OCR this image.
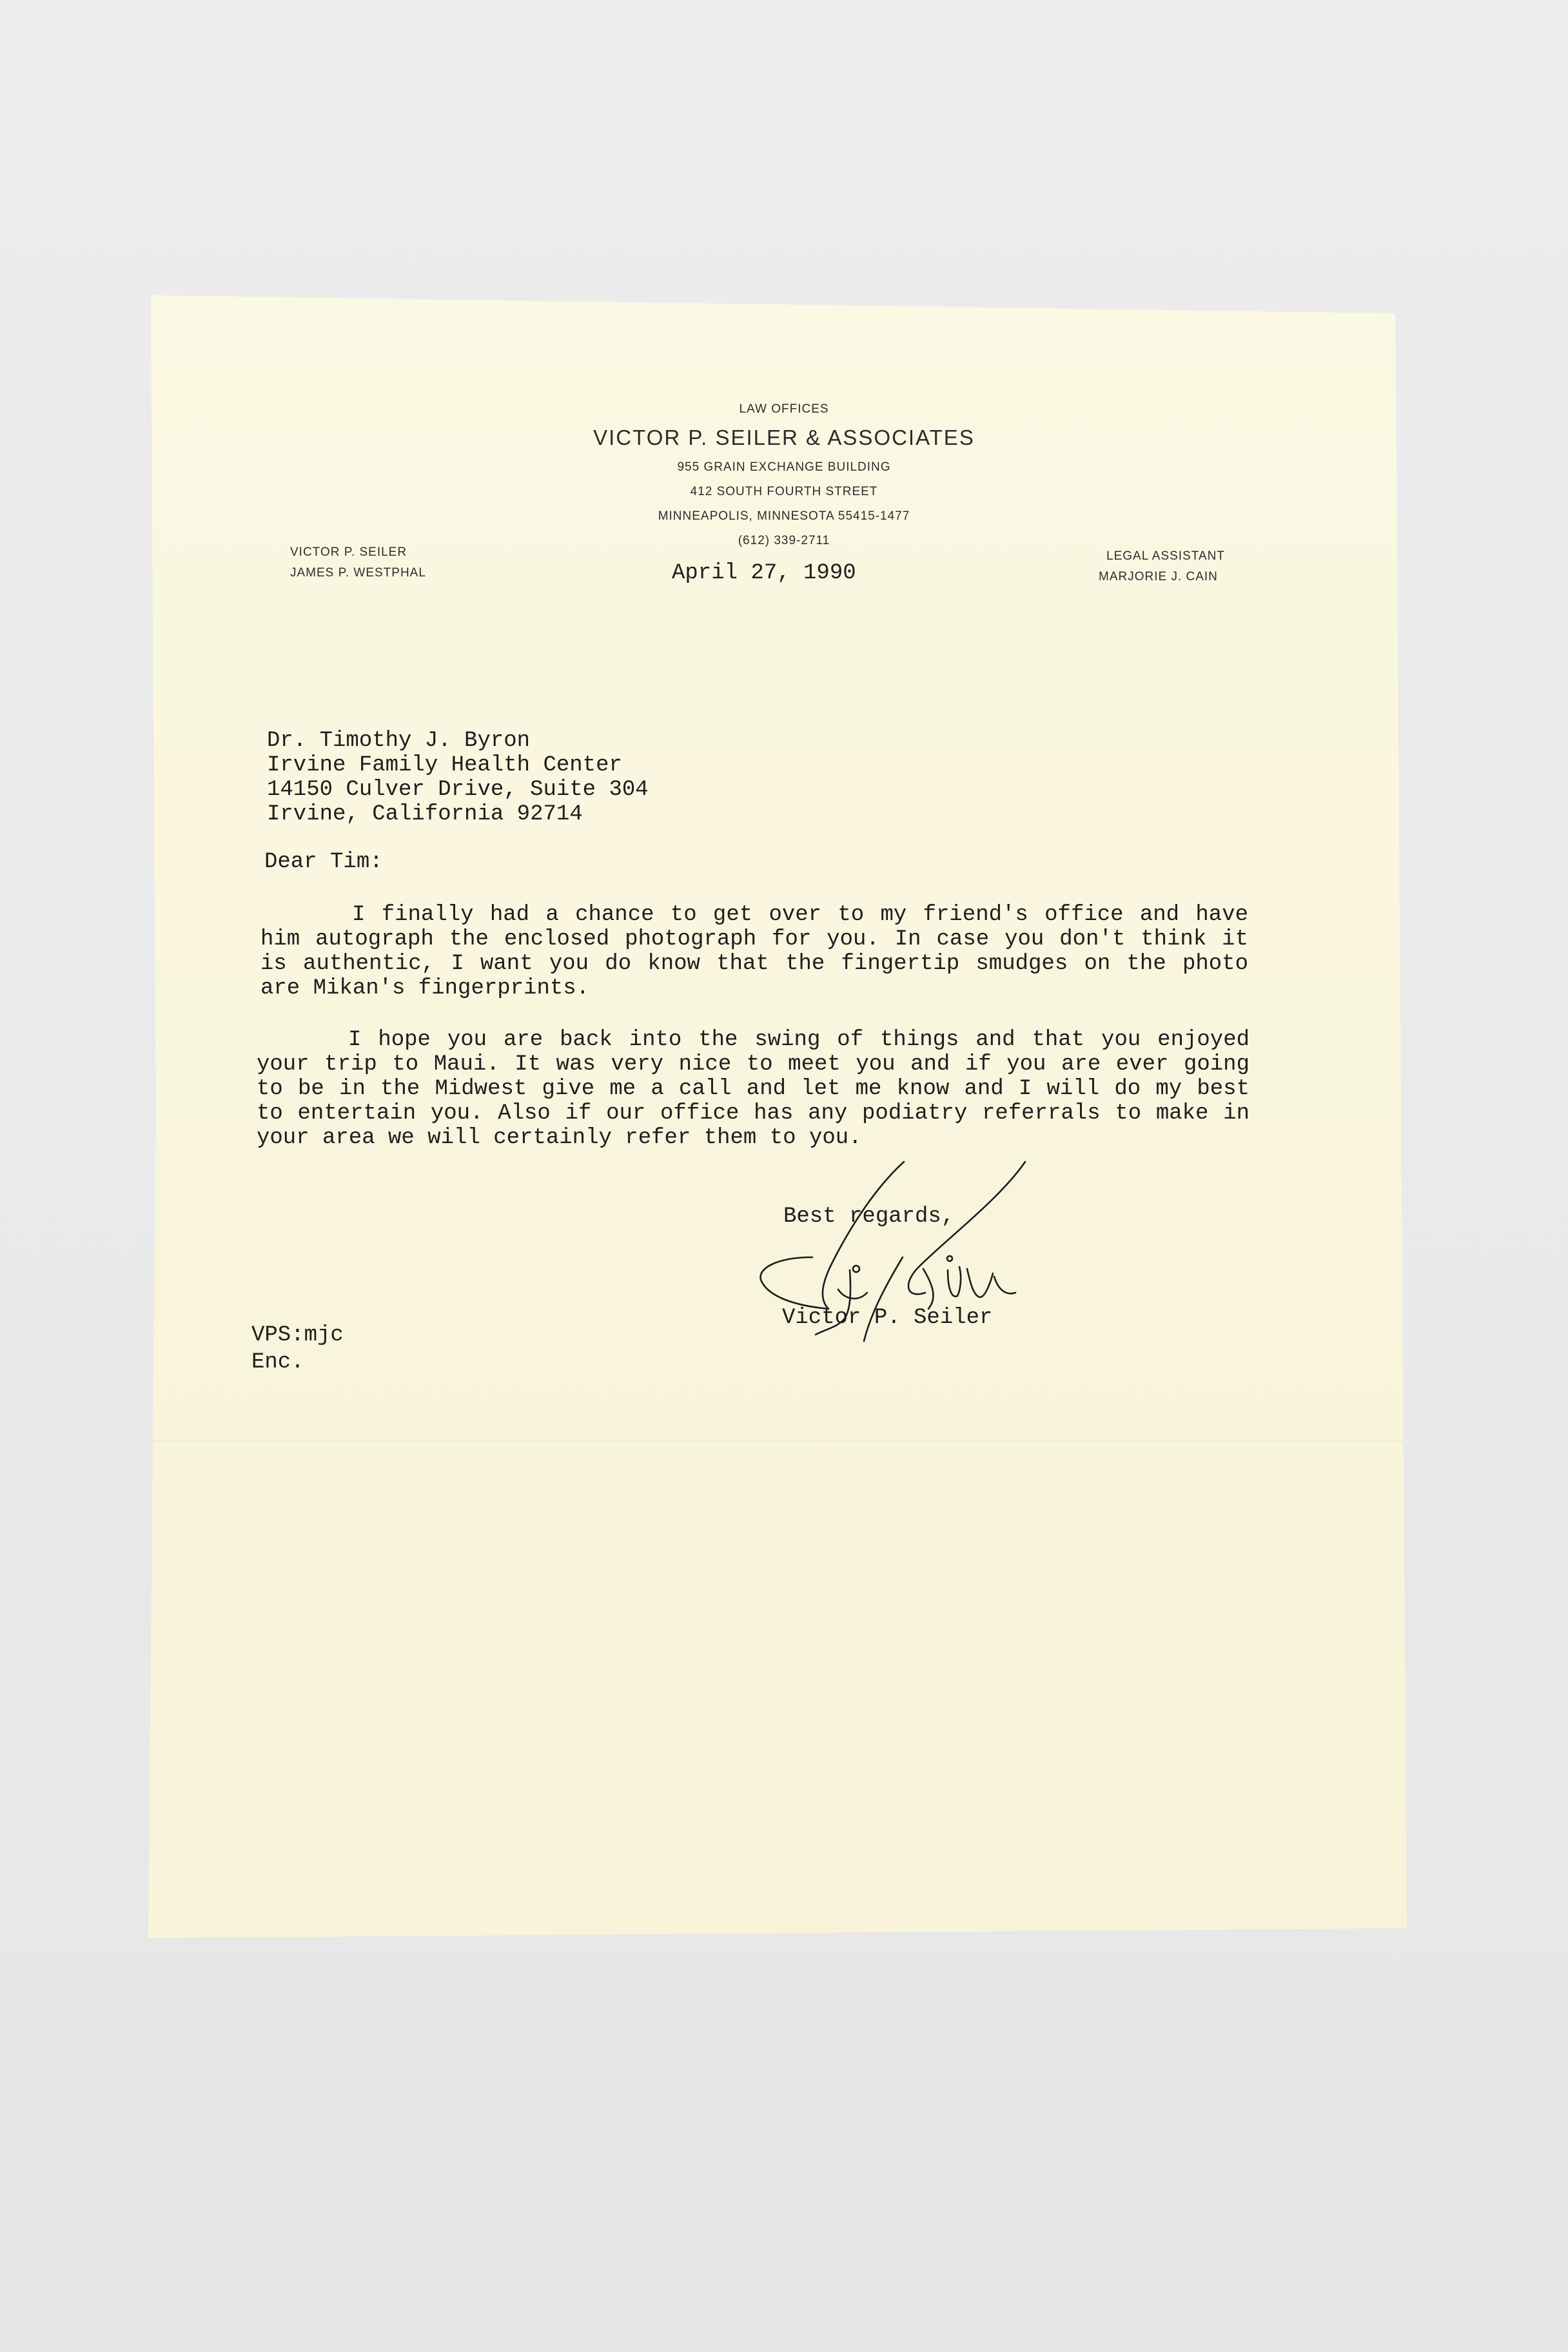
LAW OFFICES
VICTOR P. SEILER & ASSOCIATES
955 GRAIN EXCHANGE BUILDING
412 SOUTH FOURTH STREET
MINNEAPOLIS, MINNESOTA 55415-1477
(612) 339-2711
VICTOR P. SEILER
JAMES P. WESTPHAL
LEGAL ASSISTANT
MARJORIE J. CAIN
April 27, 1990
Dr. Timothy J. Byron
Irvine Family Health Center
14150 Culver Drive, Suite 304
Irvine, California 92714
Dear Tim:
I finally had a chance to get over to my friend's office and have him autograph the enclosed photograph for you. In case you don't think it is authentic, I want you do know that the fingertip smudges on the photo are Mikan's fingerprints.
I hope you are back into the swing of things and that you enjoyed your trip to Maui. It was very nice to meet you and if you are ever going to be in the Midwest give me a call and let me know and I will do my best to entertain you. Also if our office has any podiatry referrals to make in your area we will certainly refer them to you.
Best regards,
Victor P. Seiler
VPS:mjc
Enc.
